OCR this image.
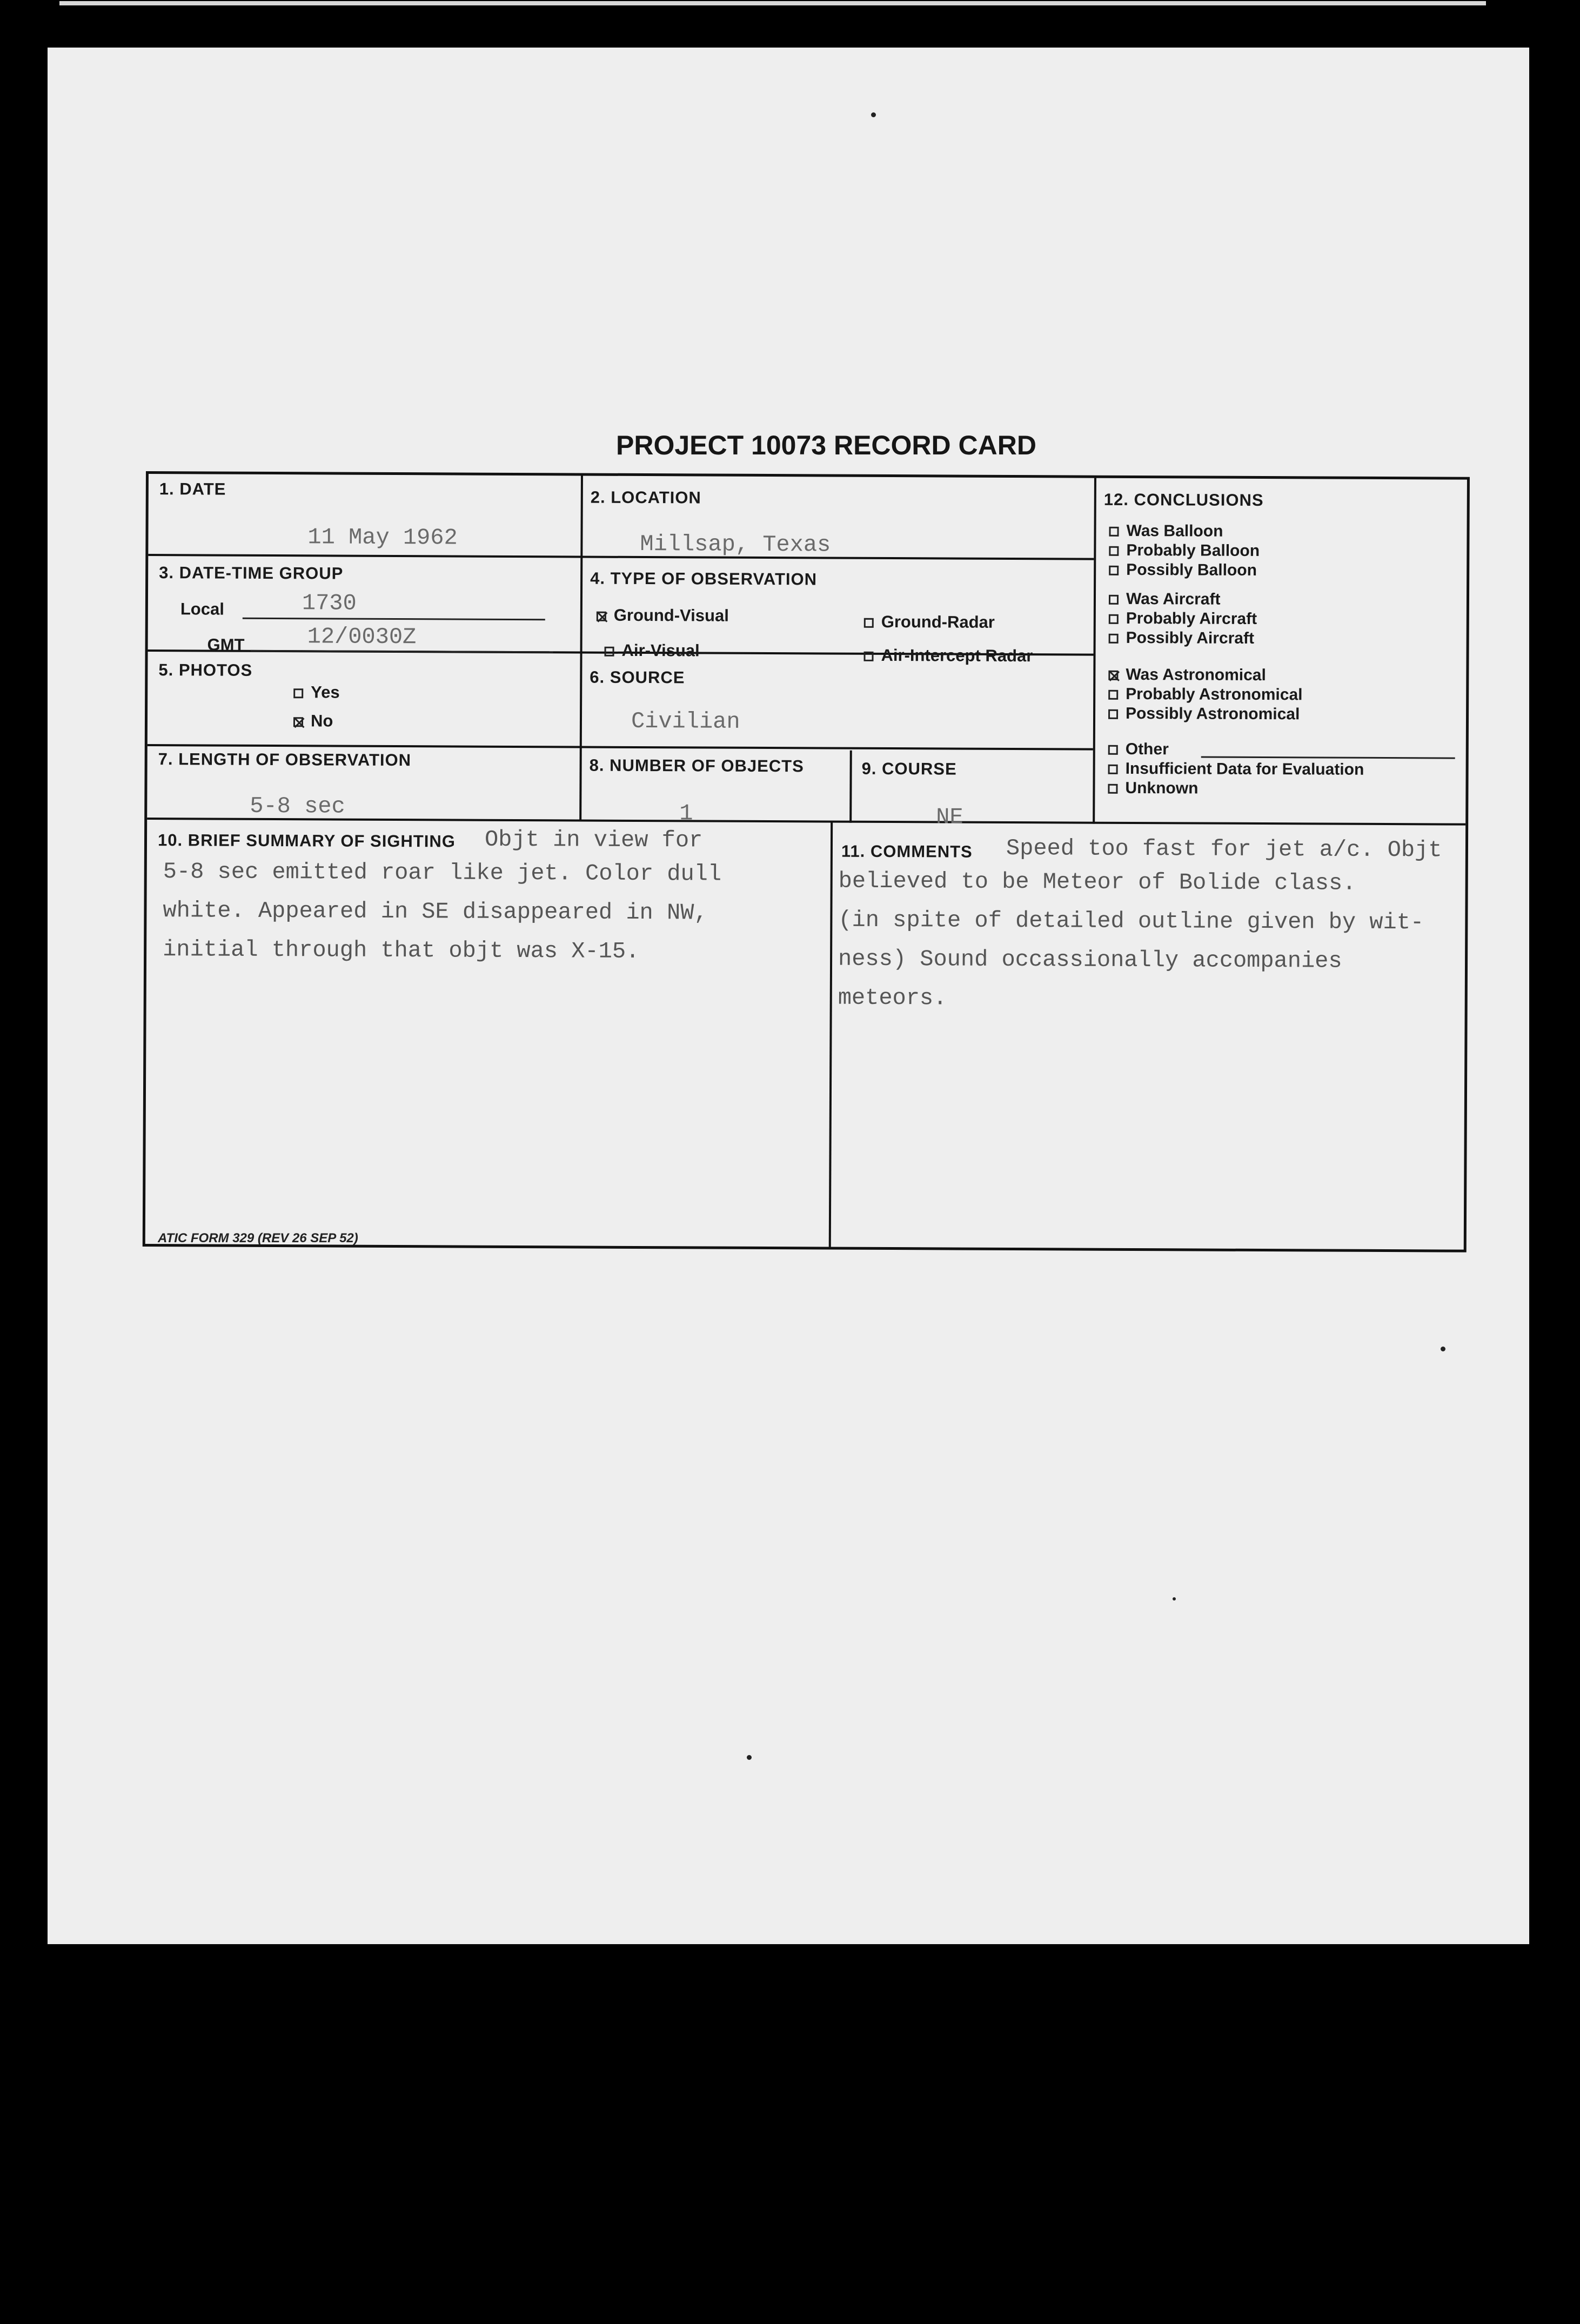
PROJECT 10073 RECORD CARD
1. DATE
11 May 1962
2. LOCATION
Millsap, Texas
3. DATE-TIME GROUP
Local	1730
GMT	12/0030Z
4. TYPE OF OBSERVATION
Ground-Visual	Ground-Radar
Air-Visual	Air-Intercept Radar
5. PHOTOS
Yes
No
6. SOURCE
Civilian
7. LENGTH OF OBSERVATION
5-8 sec
8. NUMBER OF OBJECTS
1
9. COURSE
NE
12. CONCLUSIONS
Was Balloon
Probably Balloon
Possibly Balloon
Was Aircraft
Probably Aircraft
Possibly Aircraft
Was Astronomical
Probably Astronomical
Possibly Astronomical
Other
Insufficient Data for Evaluation
Unknown
10. BRIEF SUMMARY OF SIGHTING Objt in view for
5-8 sec emitted roar like jet. Color dull
white. Appeared in SE disappeared in NW,
initial through that objt was X-15.
11. COMMENTS Speed too fast for jet a/c. Objt
believed to be Meteor of Bolide class.
(in spite of detailed outline given by wit-
ness) Sound occassionally accompanies
meteors.
ATIC FORM 329 (REV 26 SEP 52)
